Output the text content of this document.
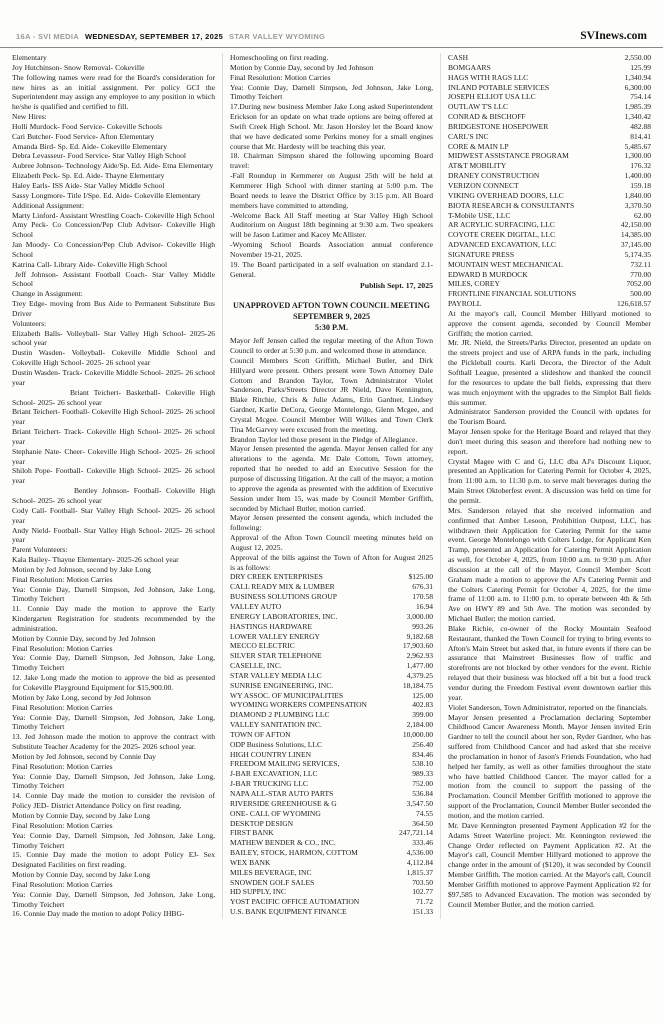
16A - SVI MEDIA WEDNESDAY, SEPTEMBER 17, 2025 STAR VALLEY WYOMING	SVInews.com

Elementary

Joy Hutchinson- Snow Removal- Cokeville

The following names were read for the Board's consideration for new hires as an initial assignment. Per policy GCI the Superintendent may assign any employee to any position in which he/she is qualified and certified to fill.

New Hires:

Holli Murdock- Food Service- Cokeville Schools

Cari Butcher- Food Service- Afton Elementary

Amanda Bird- Sp. Ed. Aide- Cokeville Elementary

Debra Levasseur- Food Service- Star Valley High School

Aubree Johnson- Technology Aide/Sp. Ed. Aide- Etna Elementary

Elizabeth Peck- Sp. Ed. Aide- Thayne Elementary

Haley Earls- ISS Aide- Star Valley Middle School

Sassy Longmore- Title I/Spe. Ed. Aide- Cokeville Elementary

Additional Assignment:

Marty Linford- Assistant Wrestling Coach- Cokeville High School

Amy Peck- Co Concession/Pep Club Advisor- Cokeville High School

Jan Moody- Co Concession/Pep Club Advisor- Cokeville High School

Katrina Call- Library Aide- Cokeville High School

Jeff Johnson- Assistant Football Coach- Star Valley Middle School

Change in Assignment:

Trey Edge- moving from Bus Aide to Permanent Substitute Bus Driver

Volunteers:

Elizabeth Balls- Volleyball- Star Valley High School- 2025-26 school year

Dustin Wasden- Volleyball- Cokeville Middle School and Cokeville High School- 2025- 26 school year

Dustin Wasden- Track- Cokeville Middle School- 2025- 26 school year

Briant Teichert- Basketball- Cokeville High School- 2025- 26 school year

Briant Teichert- Football- Cokeville High School- 2025- 26 school year

Briant Teichert- Track- Cokeville High School- 2025- 26 school year

Stephanie Nate- Cheer- Cokeville High School- 2025- 26 school year

Shiloh Pope- Football- Cokeville High School- 2025- 26 school year

Bentley Johnson- Football- Cokeville High School- 2025- 26 school year

Cody Call- Football- Star Valley High School- 2025- 26 school year

Andy Nield- Football- Star Valley High School- 2025- 26 school year

Parent Volunteers:

Kala Bailey- Thayne Elementary- 2025-26 school year

Motion by Jed Johnson, second by Jake Long

Final Resolution: Motion Carries

Yea: Connie Day, Darnell Simpson, Jed Johnson, Jake Long, Timothy Teichert

11. Connie Day made the motion to approve the Early Kindergarten Registration for students recommended by the administration.

Motion by Connie Day, second by Jed Johnson

Final Resolution: Motion Carries

Yea: Connie Day, Darnell Simpson, Jed Johnson, Jake Long, Timothy Teichert

12. Jake Long made the motion to approve the bid as presented for Cokeville Playground Equipment for $15,900.00.

Motion by Jake Long, second by Jed Johnson

Final Resolution: Motion Carries

Yea: Connie Day, Darnell Simpson, Jed Johnson, Jake Long, Timothy Teichert

13. Jed Johnson made the motion to approve the contract with Substitute Teacher Academy for the 2025- 2026 school year.

Motion by Jed Johnson, second by Connie Day

Final Resolution: Motion Carries

Yea: Connie Day, Darnell Simpson, Jed Johnson, Jake Long, Timothy Teichert

14. Connie Day made the motion to consider the revision of Policy JED- District Attendance Policy on first reading.

Motion by Connie Day, second by Jake Long

Final Resolution: Motion Carries

Yea: Connie Day, Darnell Simpson, Jed Johnson, Jake Long, Timothy Teichert

15. Connie Day made the motion to adopt Policy EJ- Sex Designated Facilities on first reading.

Motion by Connie Day, second by Jake Long

Final Resolution: Motion Carries

Yea: Connie Day, Darnell Simpson, Jed Johnson, Jake Long, Timothy Teichert

16. Connie Day made the motion to adopt Policy IHBG-

Homeschooling on first reading.

Motion by Connie Day, second by Jed Johnson

Final Resolution: Motion Carries

Yea: Connie Day, Darnell Simpson, Jed Johnson, Jake Long, Timothy Teichert

17.During new business Member Jake Long asked Superintendent Erickson for an update on what trade options are being offered at Swift Creek High School. Mr. Jason Horsley let the Board know that we have dedicated some Perkins money for a small engines course that Mr. Hardesty will be teaching this year.

18. Chairman Simpson shared the following upcoming Board travel:

-Fall Roundup in Kemmerer on August 25th will be held at Kemmerer High School with dinner starting at 5:00 p.m. The Board needs to leave the District Office by 3:15 p.m. All Board members have committed to attending.

-Welcome Back All Staff meeting at Star Valley High School Auditorium on August 18th beginning at 9:30 a.m. Two speakers will be Jason Latimer and Kacey McAllister.

-Wyoming School Boards Association annual conference November 19-21, 2025.

19. The Board participated in a self evaluation on standard 2.1- General.

Publish Sept. 17, 2025

UNAPPROVED AFTON TOWN COUNCIL MEETING
SEPTEMBER 9, 2025
5:30 P.M.

Mayor Jeff Jensen called the regular meeting of the Afton Town Council to order at 5:30 p.m. and welcomed those in attendance.

Council Members Scott Griffith, Michael Butler, and Dirk Hillyard were present. Others present were Town Attorney Dale Cottom and Brandon Taylor, Town Administrator Violet Sanderson, Parks/Streets Director JR Nield, Dave Kennington, Blake Ritchie, Chris & Julie Adams, Erin Gardner, Lindsey Gardner, Karlie DeCora, George Montelongo, Glenn Mcgee, and Crystal Mcgee. Council Member Will Wilkes and Town Clerk Tina McGarvey were excused from the meeting.

Brandon Taylor led those present in the Pledge of Allegiance.

Mayor Jensen presented the agenda. Mayor Jensen called for any alterations to the agenda. Mr. Dale Cottom, Town attorney, reported that he needed to add an Executive Session for the purpose of discussing litigation. At the call of the mayor, a motion to approve the agenda as presented with the addition of Executive Session under Item 15, was made by Council Member Griffith, seconded by Michael Butler, motion carried.

Mayor Jensen presented the consent agenda, which included the following:

Approval of the Afton Town Council meeting minutes held on August 12, 2025.

Approval of the bills against the Town of Afton for August 2025 is as follows:

DRY CREEK ENTERPRISES	$125.00
CALL READY MIX & LUMBER	676.31
BUSINESS SOLUTIONS GROUP	170.58
VALLEY AUTO	16.94
ENERGY LABORATORIES, INC.	3,000.00
HASTINGS HARDWARE	993.26
LOWER VALLEY ENERGY	9,182.68
MECCO ELECTRIC	17,903.60
SILVER STAR TELEPHONE	2,962.93
CASELLE, INC.	1,477.00
STAR VALLEY MEDIA LLC	4,379.25
SUNRISE ENGINEERING, INC.	18,184.75
WY ASSOC. OF MUNICIPALITIES	125.00
WYOMING WORKERS COMPENSATION	402.83
DIAMOND 2 PLUMBING LLC	399.00
VALLEY SANITATION INC.	2,184.00
TOWN OF AFTON	10,000.00
ODP Business Solutions, LLC	256.40
HIGH COUNTRY LINEN	834.46
FREEDOM MAILING SERVICES,	538.10
J-BAR EXCAVATION, LLC	989.33
J-BAR TRUCKING LLC	752.00
NAPA ALL-STAR AUTO PARTS	536.84
RIVERSIDE GREENHOUSE & G	3,547.50
ONE- CALL OF WYOMING	74.55
DESKTOP DESIGN	364.50
FIRST BANK	247,721.14
MATHEW BENDER & CO., INC.	333.46
BAILEY, STOCK, HARMON, COTTOM	4,536.00
WEX BANK	4,112.84
MILES BEVERAGE, INC	1,815.37
SNOWDEN GOLF SALES	703.50
HD SUPPLY, INC	102.77
YOST PACIFIC OFFICE AUTOMATION	71.72
U.S. BANK EQUIPMENT FINANCE	151.33
CASH	2,550.00
BOMGAARS	125.99
HAGS WITH RAGS LLC	1,340.94
INLAND POTABLE SERVICES	6,300.00
JOSEPH ELLIOT USA LLC	754.14
OUTLAW T'S LLC	1,985.39
CONRAD & BISCHOFF	1,340.42
BRIDGESTONE HOSEPOWER	482.88
CARL'S INC	814.41
CORE & MAIN LP	5,485.67
MIDWEST ASSISTANCE PROGRAM	1,300.00
AT&T MOBILITY	176.32
DRANEY CONSTRUCTION	1,400.00
VERIZON CONNECT	159.18
VIKING OVERHEAD DOORS, LLC	1,840.00
BIOTA RESEARCH & CONSULTANTS	3,370.50
T-Mobile USE, LLC	62.00
AR ACRYLIC SURFACING, LLC	42,150.00
COYOTE CREEK DIGITAL, LLC	14,385.00
ADVANCED EXCAVATION, LLC	37,145.00
SIGNATURE PRESS	5,174.35
MOUNTAIN WEST MECHANICAL	732.11
EDWARD B MURDOCK	770.00
MILES, COREY	7052.00
FRONTLINE FINANCIAL SOLUTIONS	500.00
PAYROLL	126,618.57

At the mayor's call, Council Member Hillyard motioned to approve the consent agenda, seconded by Council Member Griffith; the motion carried.

Mr. JR. Nield, the Streets/Parks Director, presented an update on the streets project and use of ARPA funds in the park, including the Pickleball courts. Karli Decora, the Director of the Adult Softball League, presented a slideshow and thanked the council for the resources to update the ball fields, expressing that there was much enjoyment with the upgrades to the Simplot Ball fields this summer.

Administrator Sanderson provided the Council with updates for the Tourism Board.

Mayor Jensen spoke for the Heritage Board and relayed that they don't meet during this season and therefore had nothing new to report.

Crystal Magee with C and G, LLC dba AJ's Discount Liquor, presented an Application for Catering Permit for October 4, 2025, from 11:00 a.m. to 11:30 p.m. to serve malt beverages during the Main Street Oktoberfest event. A discussion was held on time for the permit.

Mrs. Sanderson relayed that she received information and confirmed that Amber Lesoon, Prohibition Outpost, LLC, has withdrawn their Application for Catering Permit for the same event. George Montelongo with Colters Lodge, for Applicant Ken Tramp, presented an Application for Catering Permit Application as well, for October 4, 2025, from 10:00 a.m. to 9:30 p.m. After discussion at the call of the Mayor, Council Member Scott Graham made a motion to approve the AJ's Catering Permit and the Colters Catering Permit for October 4, 2025, for the time frame of 11:00 a.m. to 11:00 p.m. to operate between 4th & 5th Ave on HWY 89 and 5th Ave. The motion was seconded by Michael Butler; the motion carried.

Blake Richie, co-owner of the Rocky Mountain Seafood Restaurant, thanked the Town Council for trying to bring events to Afton's Main Street but asked that, in future events if there can be assurance that Mainstreet Businesses flow of traffic and storefronts are not blocked by other vendors for the event. Richie relayed that their business was blocked off a bit but a food truck vendor during the Freedom Festival event downtown earlier this year.

Violet Sanderson, Town Administrator, reported on the financials.

Mayor Jensen presented a Proclamation declaring September Childhood Cancer Awareness Month. Mayor Jensen invited Erin Gardner to tell the council about her son, Ryder Gardner, who has suffered from Childhood Cancer and had asked that she receive the proclamation in honor of Jason's Friends Foundation, who had helped her family, as well as other families throughout the state who have battled Childhood Cancer. The mayor called for a motion from the council to support the passing of the Proclamation. Council Member Griffith motioned to approve the support of the Proclamation, Council Member Butler seconded the motion, and the motion carried.

Mr. Dave Kennington presented Payment Application #2 for the Adams Street Waterline project. Mr. Kennington reviewed the Change Order reflected on Payment Application #2. At the Mayor's call, Council Member Hillyard motioned to approve the change order in the amount of ($120), it was seconded by Council Member Griffith. The motion carried. At the Mayor's call, Council Member Griffith motioned to approve Payment Application #2 for $97,585 to Advanced Excavation. The motion was seconded by Council Member Butler, and the motion carried.
